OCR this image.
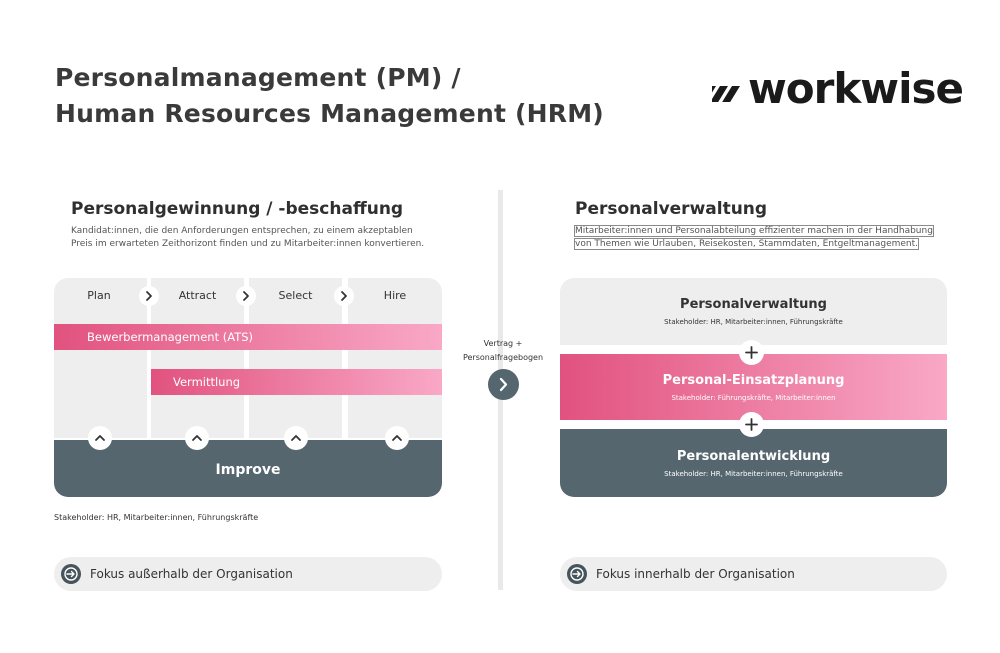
Personalmanagement (PM) /
Human Resources Management (HRM)
workwise
Personalgewinnung / -beschaffung
Kandidat:innen, die den Anforderungen entsprechen, zu einem akzeptablen
Preis im erwarteten Zeithorizont finden und zu Mitarbeiter:innen konvertieren.
Plan	Attract	Select	Hire
Bewerbermanagement (ATS)
Vermittlung
Improve
Stakeholder: HR, Mitarbeiter:innen, Führungskräfte
Fokus außerhalb der Organisation
Vertrag +
Personalfragebogen
Personalverwaltung
Mitarbeiter:innen und Personalabteilung effizienter machen in der Handhabung
von Themen wie Urlauben, Reisekosten, Stammdaten, Entgeltmanagement.
Personalverwaltung
Stakeholder: HR, Mitarbeiter:innen, Führungskräfte
Personal-Einsatzplanung
Stakeholder: Führungskräfte, Mitarbeiter:innen
Personalentwicklung
Stakeholder: HR, Mitarbeiter:innen, Führungskräfte
Fokus innerhalb der Organisation
